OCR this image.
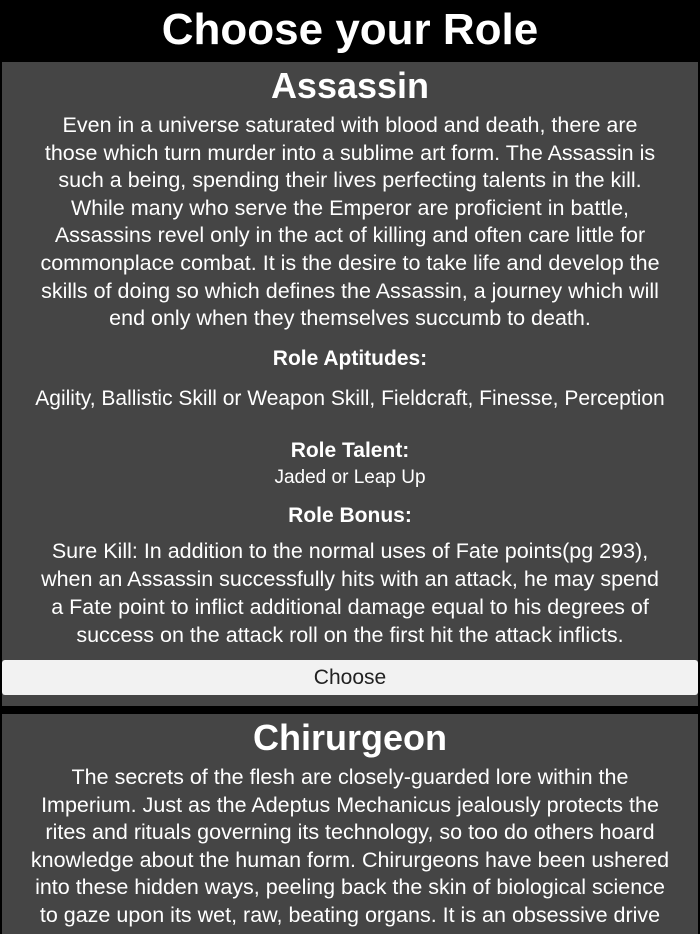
Choose your Role
Assassin

Even in a universe saturated with blood and death, there are

those which turn murder into a sublime art form. The Assassin is

such a being, spending their lives perfecting talents in the kill.

While many who serve the Emperor are proficient in battle,

Assassins revel only in the act of killing and often care little for

commonplace combat. It is the desire to take life and develop the

skills of doing so which defines the Assassin, a journey which will

end only when they themselves succumb to death.

Role Aptitudes:

Agility, Ballistic Skill or Weapon Skill, Fieldcraft, Finesse, Perception

Role Talent:

Jaded or Leap Up

Role Bonus:

Sure Kill: In addition to the normal uses of Fate points(pg 293),

when an Assassin successfully hits with an attack, he may spend

a Fate point to inflict additional damage equal to his degrees of

success on the attack roll on the first hit the attack inflicts.

Choose
Chirurgeon

The secrets of the flesh are closely-guarded lore within the

Imperium. Just as the Adeptus Mechanicus jealously protects the

rites and rituals governing its technology, so too do others hoard

knowledge about the human form. Chirurgeons have been ushered

into these hidden ways, peeling back the skin of biological science

to gaze upon its wet, raw, beating organs. It is an obsessive drive
